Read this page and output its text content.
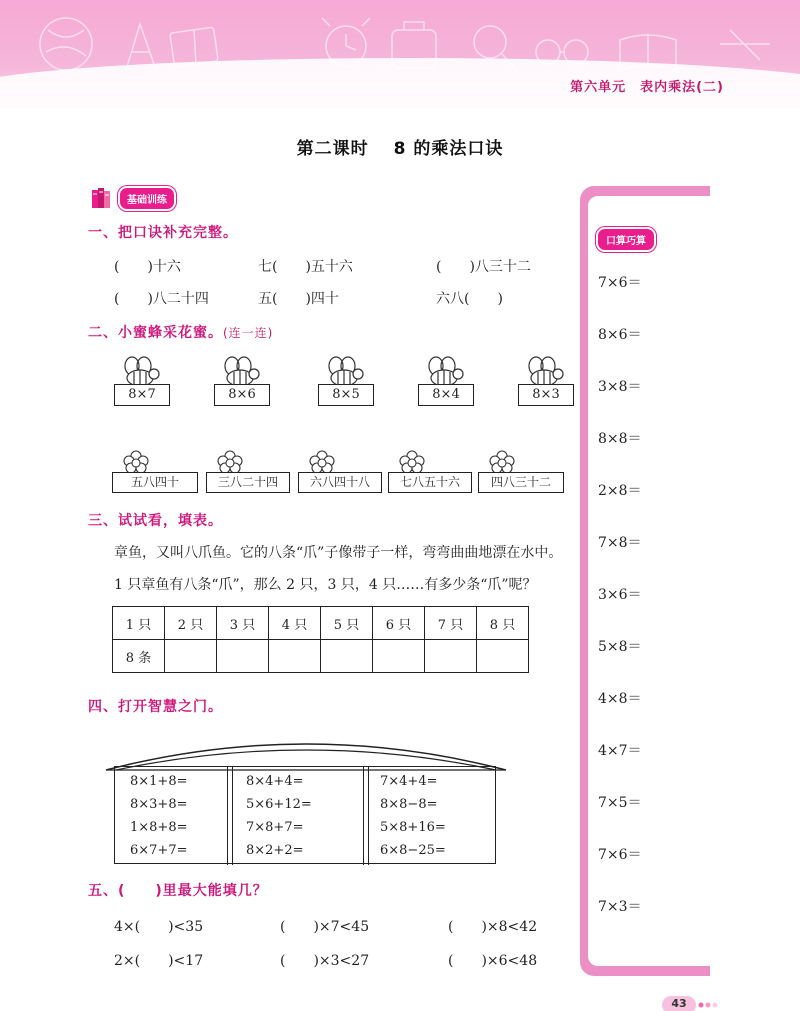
第六单元　表内乘法(二)
第二课时　 8 的乘法口诀
基础训练
一、把口诀补充完整。
(　　)十六	七(　　)五十六	(　　)八三十二
(　　)八二十四	五(　　)四十	六八(　　)
二、小蜜蜂采花蜜。(连一连)
8×7	8×6	8×5	8×4	8×3
五八四十	三八二十四	六八四十八	七八五十六	四八三十二
三、试试看，填表。
章鱼，又叫八爪鱼。它的八条“爪”子像带子一样，弯弯曲曲地漂在水中。
1 只章鱼有八条“爪”，那么 2 只，3 只，4 只……有多少条“爪”呢？
1 只	2 只	3 只	4 只	5 只	6 只	7 只	8 只
8 条							
四、打开智慧之门。
8×1+8=
8×3+8=
1×8+8=
6×7+7=
8×4+4=
5×6+12=
7×8+7=
8×2+2=
7×4+4=
8×8−8=
5×8+16=
6×8−25=
五、(　　)里最大能填几？
4×(　　)<35	(　　)×7<45	(　　)×8<42
2×(　　)<17	(　　)×3<27	(　　)×6<48
口算巧算
7×6＝
8×6＝
3×8＝
8×8＝
2×8＝
7×8＝
3×6＝
5×8＝
4×8＝
4×7＝
7×5＝
7×6＝
7×3＝
43
